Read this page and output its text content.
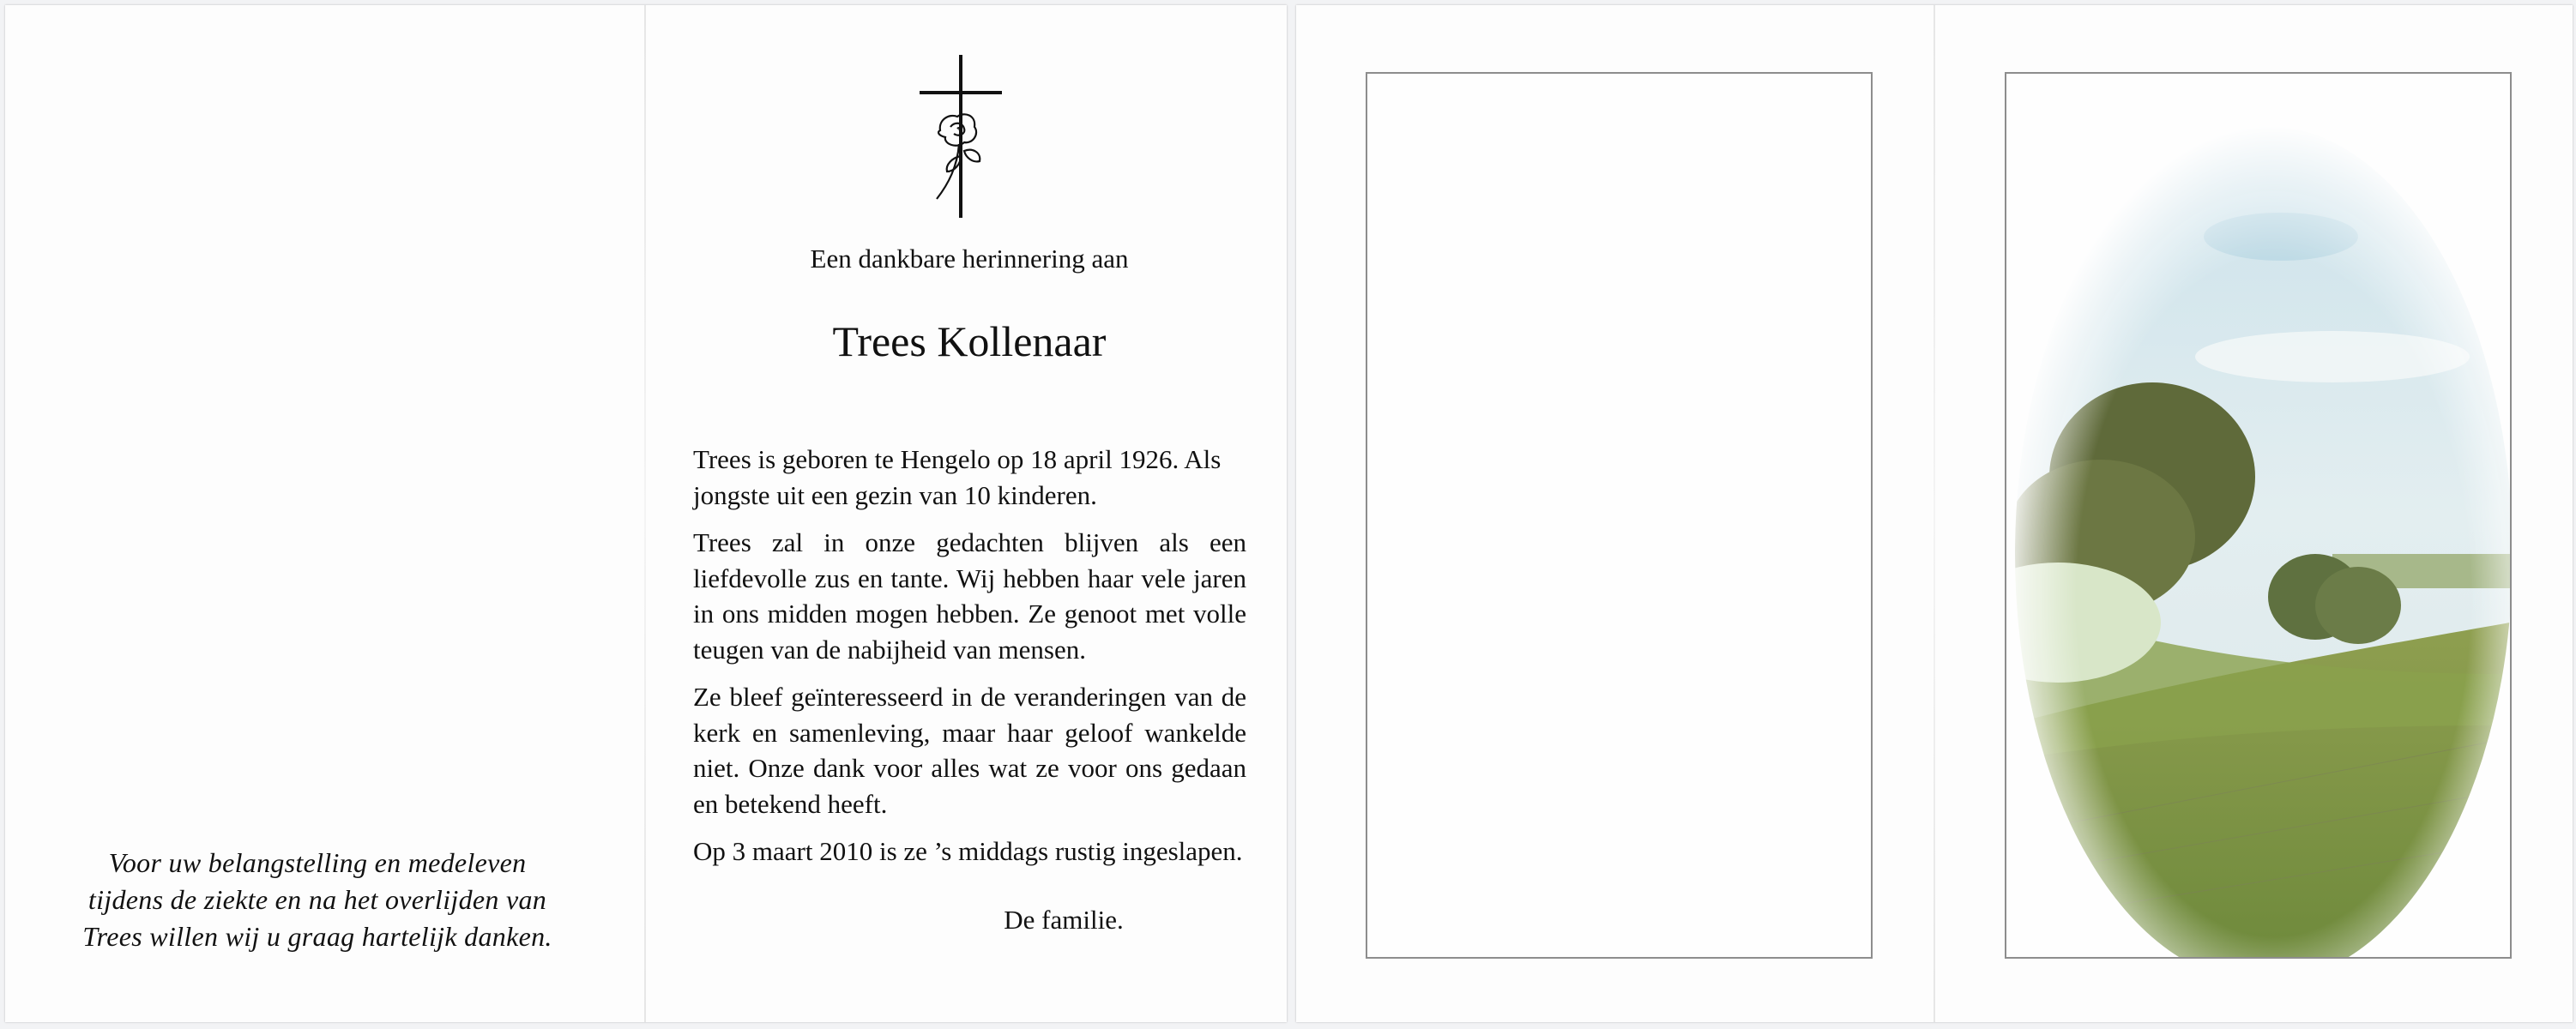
Voor uw belangstelling en medeleven
tijdens de ziekte en na het overlijden van
Trees willen wij u graag hartelijk danken.
Een dankbare herinnering aan
Trees Kollenaar

Trees is geboren te Hengelo op 18 april 1926. Als jongste uit een gezin van 10 kinderen.

Trees zal in onze gedachten blijven als een liefdevolle zus en tante. Wij hebben haar vele jaren in ons midden mogen hebben. Ze genoot met volle teugen van de nabijheid van mensen.

Ze bleef geïnteresseerd in de veranderingen van de kerk en samenleving, maar haar geloof wankelde niet. Onze dank voor alles wat ze voor ons gedaan en betekend heeft.

Op 3 maart 2010 is ze ’s middags rustig ingeslapen.

De familie.
